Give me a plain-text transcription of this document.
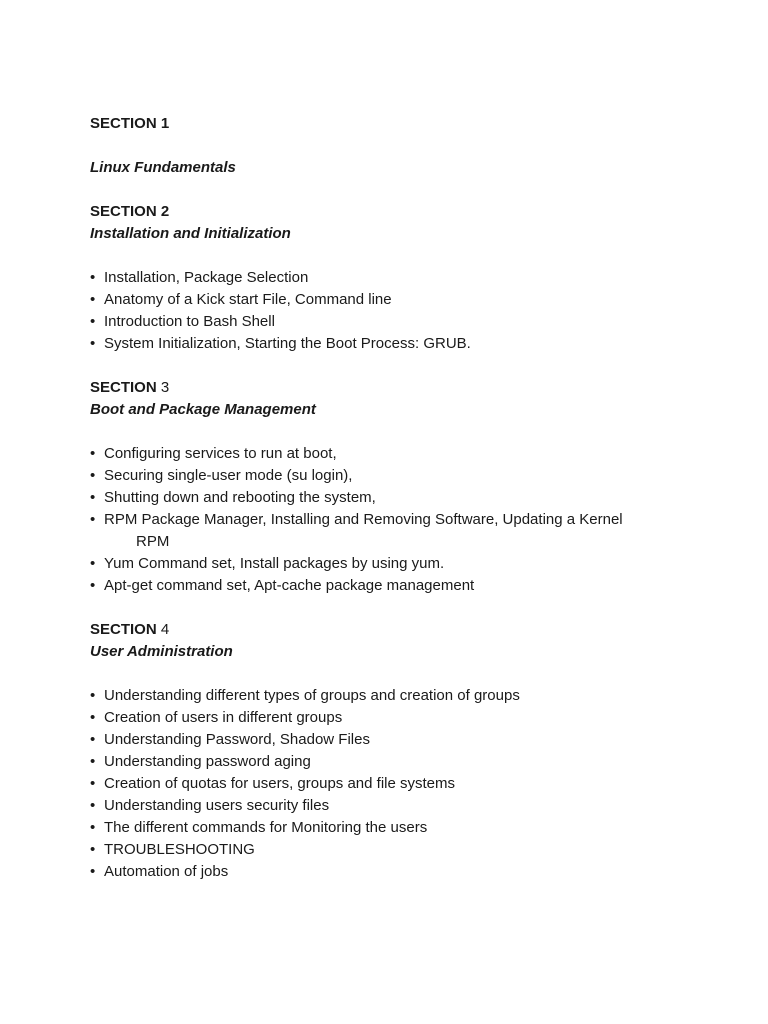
SECTION 1

Linux Fundamentals

SECTION 2

Installation and Initialization

• Installation, Package Selection
• Anatomy of a Kick start File, Command line
• Introduction to Bash Shell
• System Initialization, Starting the Boot Process: GRUB.

SECTION 3

Boot and Package Management

• Configuring services to run at boot,
• Securing single-user mode (su login),
• Shutting down and rebooting the system,
• RPM Package Manager, Installing and Removing Software, Updating a Kernel
RPM
• Yum Command set, Install packages by using yum.
• Apt-get command set, Apt-cache package management

SECTION 4

User Administration

• Understanding different types of groups and creation of groups
• Creation of users in different groups
• Understanding Password, Shadow Files
• Understanding password aging
• Creation of quotas for users, groups and file systems
• Understanding users security files
• The different commands for Monitoring the users
• TROUBLESHOOTING
• Automation of jobs
